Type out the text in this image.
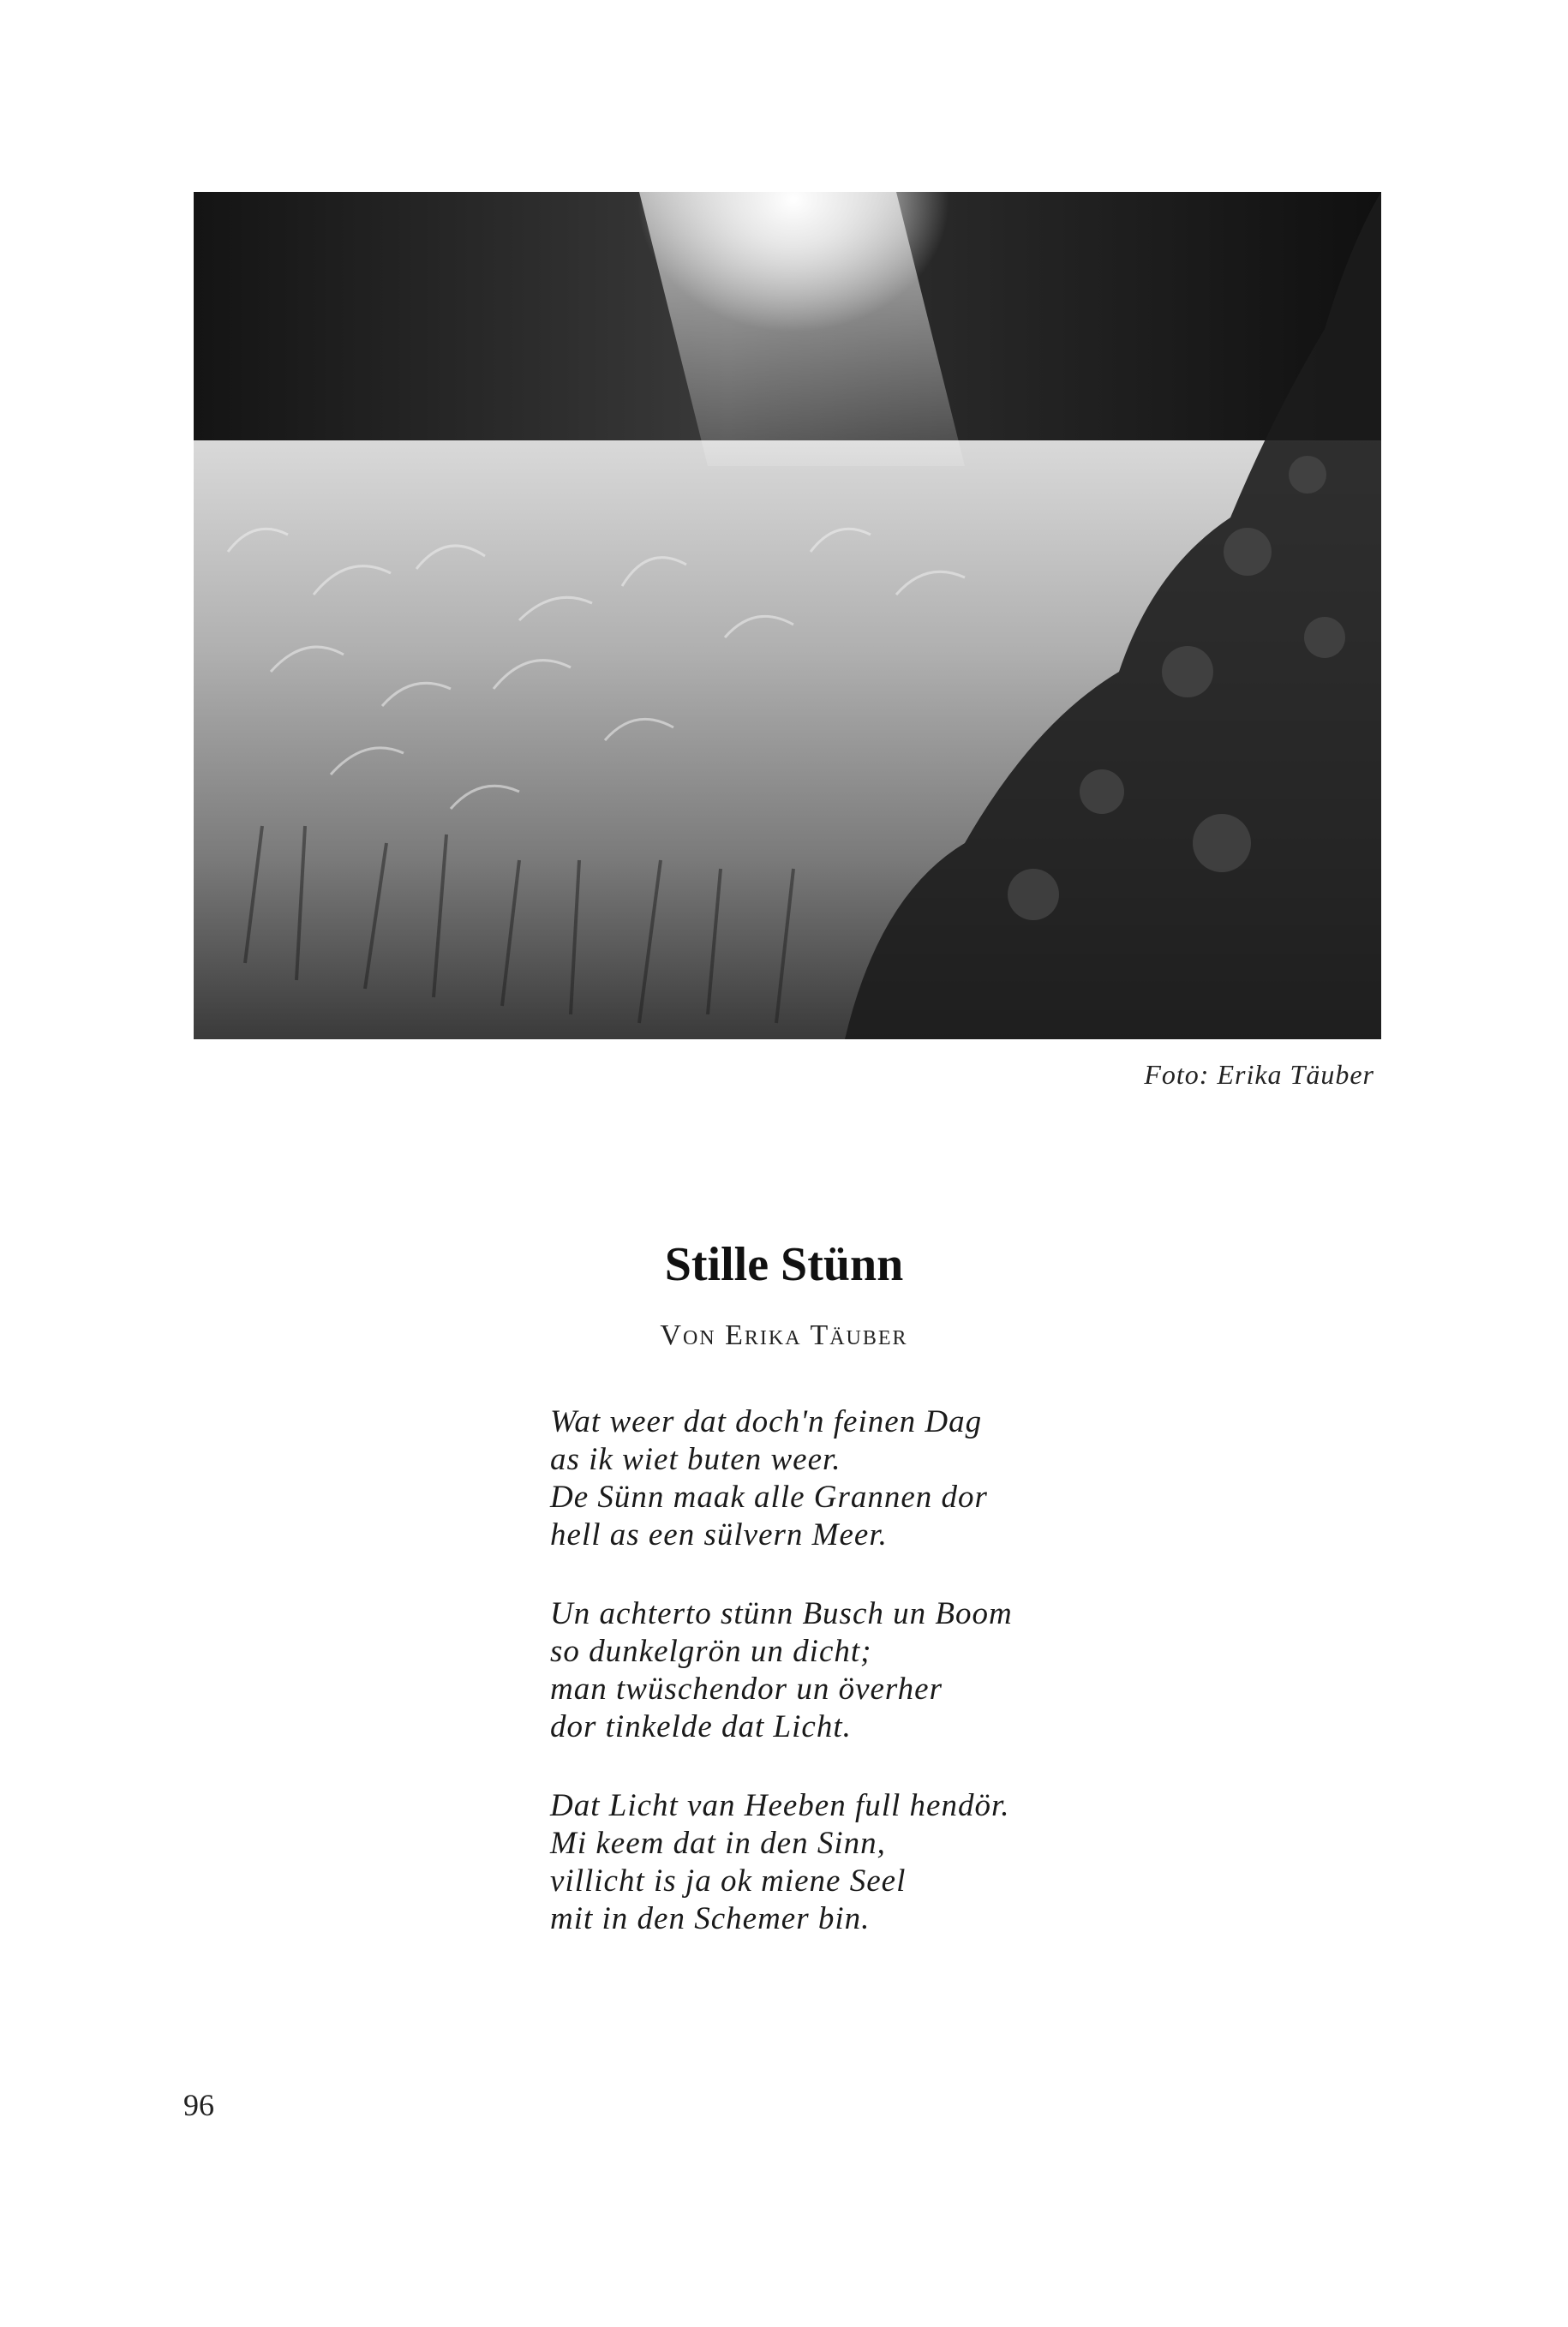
Foto: Erika Täuber
Stille Stünn
Von Erika Täuber
Wat weer dat doch'n feinen Dag
as ik wiet buten weer.
De Sünn maak alle Grannen dor
hell as een sülvern Meer.
Un achterto stünn Busch un Boom
so dunkelgrön un dicht;
man twüschendor un överher
dor tinkelde dat Licht.
Dat Licht van Heeben full hendör.
Mi keem dat in den Sinn,
villicht is ja ok miene Seel
mit in den Schemer bin.
96
